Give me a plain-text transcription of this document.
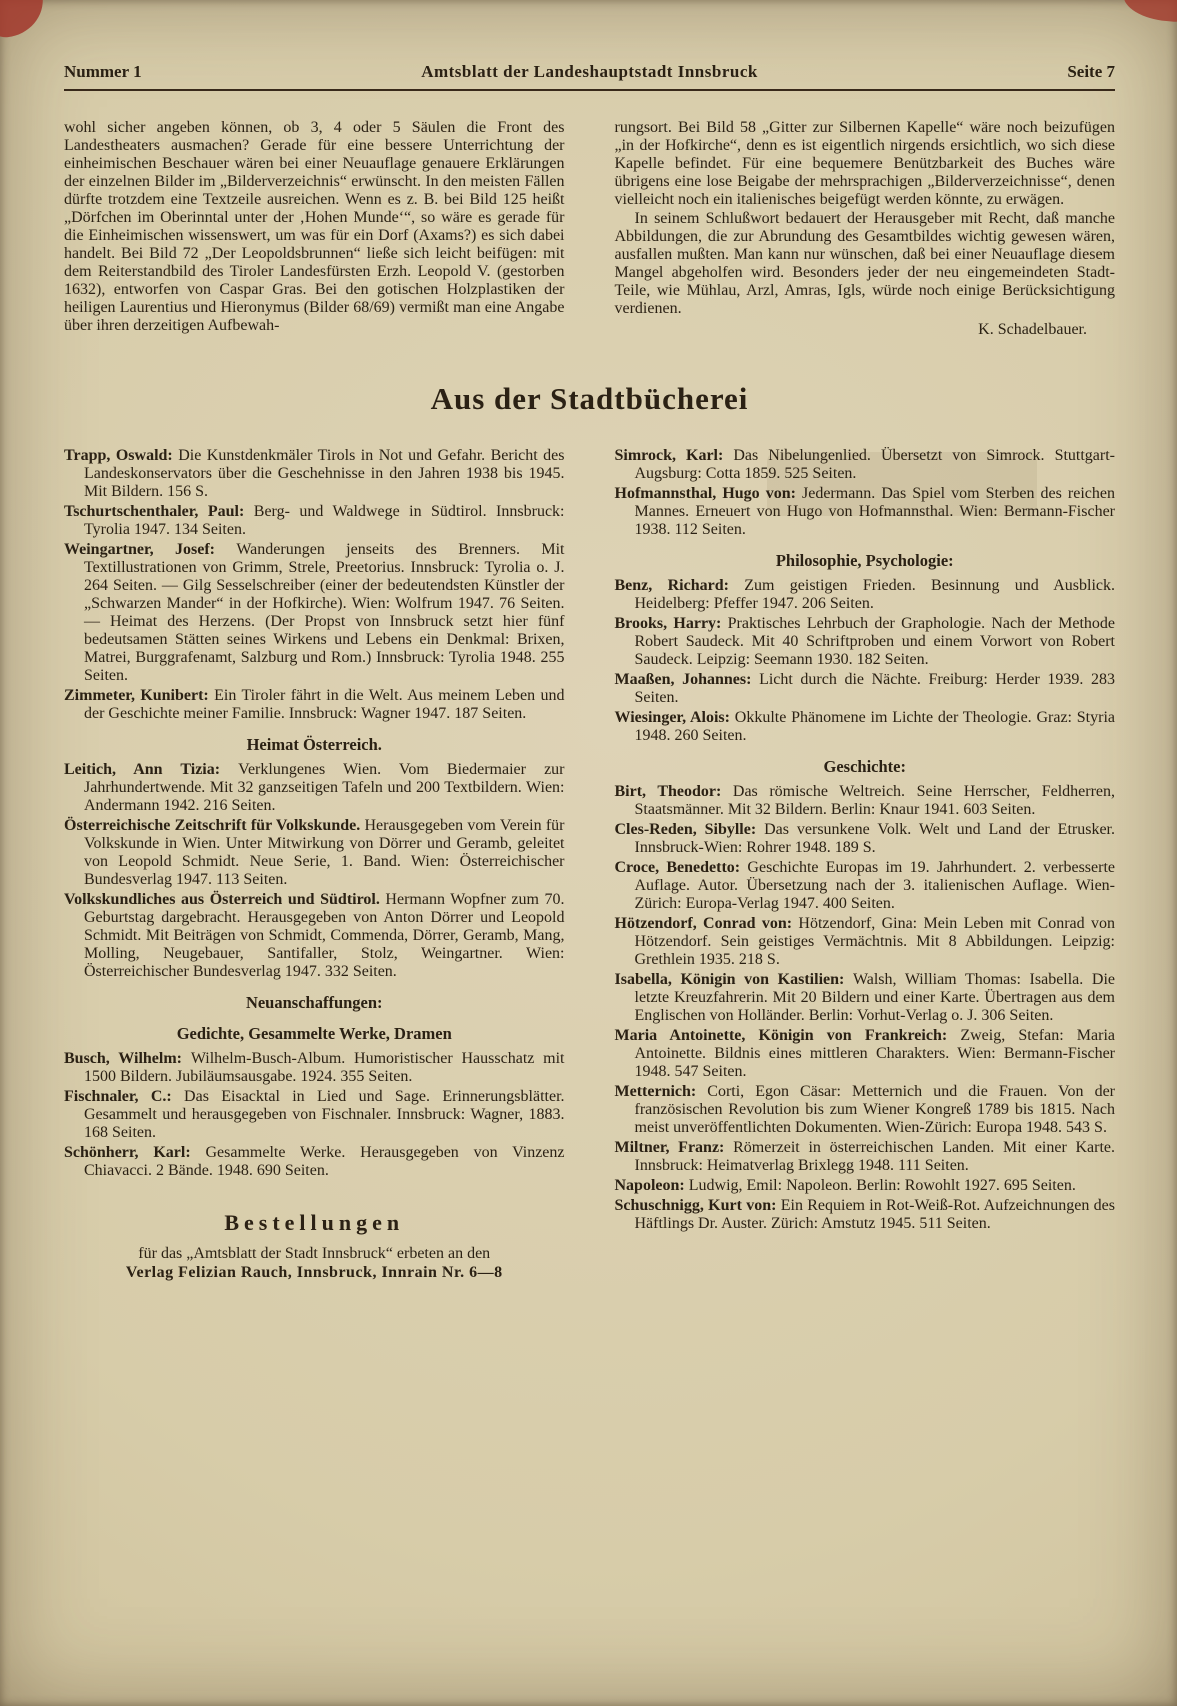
Nummer 1	Amtsblatt der Landeshauptstadt Innsbruck	Seite 7

wohl sicher angeben können, ob 3, 4 oder 5 Säulen die Front des Landestheaters ausmachen? Gerade für eine bessere Unterrichtung der einheimischen Beschauer wären bei einer Neuauflage genauere Erklärungen der einzelnen Bilder im „Bilderverzeichnis“ erwünscht. In den meisten Fällen dürfte trotzdem eine Textzeile ausreichen. Wenn es z. B. bei Bild 125 heißt „Dörfchen im Oberinntal unter der ‚Hohen Munde‘“, so wäre es gerade für die Einheimischen wissenswert, um was für ein Dorf (Axams?) es sich dabei handelt. Bei Bild 72 „Der Leopoldsbrunnen“ ließe sich leicht beifügen: mit dem Reiterstandbild des Tiroler Landesfürsten Erzh. Leopold V. (gestorben 1632), entworfen von Caspar Gras. Bei den gotischen Holzplastiken der heiligen Laurentius und Hieronymus (Bilder 68/69) vermißt man eine Angabe über ihren derzeitigen Aufbewah-

rungsort. Bei Bild 58 „Gitter zur Silbernen Kapelle“ wäre noch beizufügen „in der Hofkirche“, denn es ist eigentlich nirgends ersichtlich, wo sich diese Kapelle befindet. Für eine bequemere Benützbarkeit des Buches wäre übrigens eine lose Beigabe der mehrsprachigen „Bilderverzeichnisse“, denen vielleicht noch ein italienisches beigefügt werden könnte, zu erwägen.

In seinem Schlußwort bedauert der Herausgeber mit Recht, daß manche Abbildungen, die zur Abrundung des Gesamtbildes wichtig gewesen wären, ausfallen mußten. Man kann nur wünschen, daß bei einer Neuauflage diesem Mangel abgeholfen wird. Besonders jeder der neu eingemeindeten Stadt-Teile, wie Mühlau, Arzl, Amras, Igls, würde noch einige Berücksichtigung verdienen.

K. Schadelbauer.

Aus der Stadtbücherei

Trapp, Oswald: Die Kunstdenkmäler Tirols in Not und Gefahr. Bericht des Landeskonservators über die Geschehnisse in den Jahren 1938 bis 1945. Mit Bildern. 156 S.

Tschurtschenthaler, Paul: Berg- und Waldwege in Südtirol. Innsbruck: Tyrolia 1947. 134 Seiten.

Weingartner, Josef: Wanderungen jenseits des Brenners. Mit Textillustrationen von Grimm, Strele, Preetorius. Innsbruck: Tyrolia o. J. 264 Seiten. — Gilg Sesselschreiber (einer der bedeutendsten Künstler der „Schwarzen Mander“ in der Hofkirche). Wien: Wolfrum 1947. 76 Seiten. — Heimat des Herzens. (Der Propst von Innsbruck setzt hier fünf bedeutsamen Stätten seines Wirkens und Lebens ein Denkmal: Brixen, Matrei, Burggrafenamt, Salzburg und Rom.) Innsbruck: Tyrolia 1948. 255 Seiten.

Zimmeter, Kunibert: Ein Tiroler fährt in die Welt. Aus meinem Leben und der Geschichte meiner Familie. Innsbruck: Wagner 1947. 187 Seiten.

Heimat Österreich.

Leitich, Ann Tizia: Verklungenes Wien. Vom Biedermaier zur Jahrhundertwende. Mit 32 ganzseitigen Tafeln und 200 Textbildern. Wien: Andermann 1942. 216 Seiten.

Österreichische Zeitschrift für Volkskunde. Herausgegeben vom Verein für Volkskunde in Wien. Unter Mitwirkung von Dörrer und Geramb, geleitet von Leopold Schmidt. Neue Serie, 1. Band. Wien: Österreichischer Bundesverlag 1947. 113 Seiten.

Volkskundliches aus Österreich und Südtirol. Hermann Wopfner zum 70. Geburtstag dargebracht. Herausgegeben von Anton Dörrer und Leopold Schmidt. Mit Beiträgen von Schmidt, Commenda, Dörrer, Geramb, Mang, Molling, Neugebauer, Santifaller, Stolz, Weingartner. Wien: Österreichischer Bundesverlag 1947. 332 Seiten.

Neuanschaffungen:

Gedichte, Gesammelte Werke, Dramen

Busch, Wilhelm: Wilhelm-Busch-Album. Humoristischer Hausschatz mit 1500 Bildern. Jubiläumsausgabe. 1924. 355 Seiten.

Fischnaler, C.: Das Eisacktal in Lied und Sage. Erinnerungsblätter. Gesammelt und herausgegeben von Fischnaler. Innsbruck: Wagner, 1883. 168 Seiten.

Schönherr, Karl: Gesammelte Werke. Herausgegeben von Vinzenz Chiavacci. 2 Bände. 1948. 690 Seiten.

Bestellungen

für das „Amtsblatt der Stadt Innsbruck“ erbeten an den

Verlag Felizian Rauch, Innsbruck, Innrain Nr. 6—8

Simrock, Karl: Das Nibelungenlied. Übersetzt von Simrock. Stuttgart-Augsburg: Cotta 1859. 525 Seiten.

Hofmannsthal, Hugo von: Jedermann. Das Spiel vom Sterben des reichen Mannes. Erneuert von Hugo von Hofmannsthal. Wien: Bermann-Fischer 1938. 112 Seiten.

Philosophie, Psychologie:

Benz, Richard: Zum geistigen Frieden. Besinnung und Ausblick. Heidelberg: Pfeffer 1947. 206 Seiten.

Brooks, Harry: Praktisches Lehrbuch der Graphologie. Nach der Methode Robert Saudeck. Mit 40 Schriftproben und einem Vorwort von Robert Saudeck. Leipzig: Seemann 1930. 182 Seiten.

Maaßen, Johannes: Licht durch die Nächte. Freiburg: Herder 1939. 283 Seiten.

Wiesinger, Alois: Okkulte Phänomene im Lichte der Theologie. Graz: Styria 1948. 260 Seiten.

Geschichte:

Birt, Theodor: Das römische Weltreich. Seine Herrscher, Feldherren, Staatsmänner. Mit 32 Bildern. Berlin: Knaur 1941. 603 Seiten.

Cles-Reden, Sibylle: Das versunkene Volk. Welt und Land der Etrusker. Innsbruck-Wien: Rohrer 1948. 189 S.

Croce, Benedetto: Geschichte Europas im 19. Jahrhundert. 2. verbesserte Auflage. Autor. Übersetzung nach der 3. italienischen Auflage. Wien-Zürich: Europa-Verlag 1947. 400 Seiten.

Hötzendorf, Conrad von: Hötzendorf, Gina: Mein Leben mit Conrad von Hötzendorf. Sein geistiges Vermächtnis. Mit 8 Abbildungen. Leipzig: Grethlein 1935. 218 S.

Isabella, Königin von Kastilien: Walsh, William Thomas: Isabella. Die letzte Kreuzfahrerin. Mit 20 Bildern und einer Karte. Übertragen aus dem Englischen von Holländer. Berlin: Vorhut-Verlag o. J. 306 Seiten.

Maria Antoinette, Königin von Frankreich: Zweig, Stefan: Maria Antoinette. Bildnis eines mittleren Charakters. Wien: Bermann-Fischer 1948. 547 Seiten.

Metternich: Corti, Egon Cäsar: Metternich und die Frauen. Von der französischen Revolution bis zum Wiener Kongreß 1789 bis 1815. Nach meist unveröffentlichten Dokumenten. Wien-Zürich: Europa 1948. 543 S.

Miltner, Franz: Römerzeit in österreichischen Landen. Mit einer Karte. Innsbruck: Heimatverlag Brixlegg 1948. 111 Seiten.

Napoleon: Ludwig, Emil: Napoleon. Berlin: Rowohlt 1927. 695 Seiten.

Schuschnigg, Kurt von: Ein Requiem in Rot-Weiß-Rot. Aufzeichnungen des Häftlings Dr. Auster. Zürich: Amstutz 1945. 511 Seiten.
